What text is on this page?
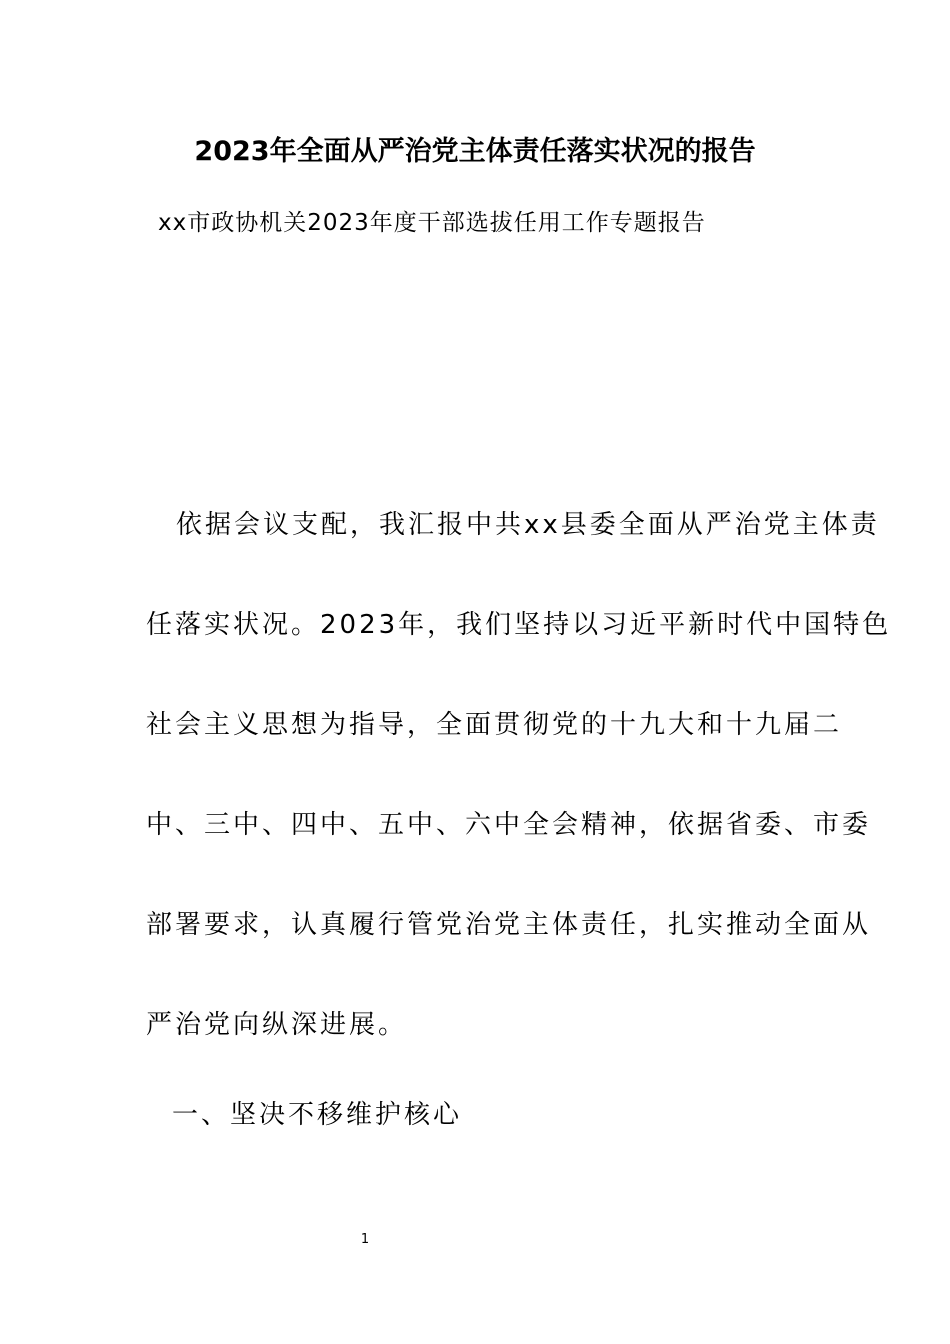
2023年全面从严治党主体责任落实状况的报告
xx市政协机关2023年度干部选拔任用工作专题报告
依据会议支配，我汇报中共xx县委全面从严治党主体责
任落实状况。2023年，我们坚持以习近平新时代中国特色
社会主义思想为指导，全面贯彻党的十九大和十九届二
中、三中、四中、五中、六中全会精神，依据省委、市委
部署要求，认真履行管党治党主体责任，扎实推动全面从
严治党向纵深进展。
一、坚决不移维护核心
1
